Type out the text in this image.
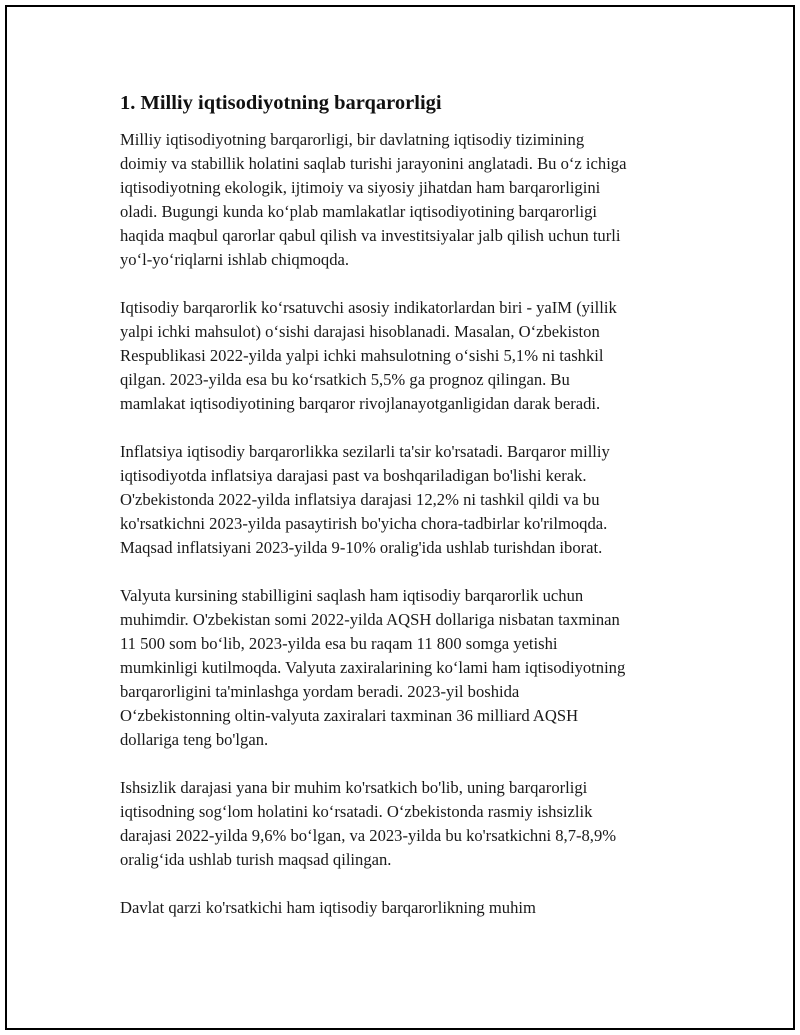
1. Milliy iqtisodiyotning barqarorligi

Milliy iqtisodiyotning barqarorligi, bir davlatning iqtisodiy tizimining
doimiy va stabillik holatini saqlab turishi jarayonini anglatadi. Bu o‘z ichiga
iqtisodiyotning ekologik, ijtimoiy va siyosiy jihatdan ham barqarorligini
oladi. Bugungi kunda ko‘plab mamlakatlar iqtisodiyotining barqarorligi
haqida maqbul qarorlar qabul qilish va investitsiyalar jalb qilish uchun turli
yo‘l-yo‘riqlarni ishlab chiqmoqda.

Iqtisodiy barqarorlik ko‘rsatuvchi asosiy indikatorlardan biri - yaIM (yillik
yalpi ichki mahsulot) o‘sishi darajasi hisoblanadi. Masalan, O‘zbekiston
Respublikasi 2022-yilda yalpi ichki mahsulotning o‘sishi 5,1% ni tashkil
qilgan. 2023-yilda esa bu ko‘rsatkich 5,5% ga prognoz qilingan. Bu
mamlakat iqtisodiyotining barqaror rivojlanayotganligidan darak beradi.

Inflatsiya iqtisodiy barqarorlikka sezilarli ta'sir ko'rsatadi. Barqaror milliy
iqtisodiyotda inflatsiya darajasi past va boshqariladigan bo'lishi kerak.
O'zbekistonda 2022-yilda inflatsiya darajasi 12,2% ni tashkil qildi va bu
ko'rsatkichni 2023-yilda pasaytirish bo'yicha chora-tadbirlar ko'rilmoqda.
Maqsad inflatsiyani 2023-yilda 9-10% oralig'ida ushlab turishdan iborat.

Valyuta kursining stabilligini saqlash ham iqtisodiy barqarorlik uchun
muhimdir. O'zbekistan somi 2022-yilda AQSH dollariga nisbatan taxminan
11 500 som bo‘lib, 2023-yilda esa bu raqam 11 800 somga yetishi
mumkinligi kutilmoqda. Valyuta zaxiralarining ko‘lami ham iqtisodiyotning
barqarorligini ta'minlashga yordam beradi. 2023-yil boshida
O‘zbekistonning oltin-valyuta zaxiralari taxminan 36 milliard AQSH
dollariga teng bo'lgan.

Ishsizlik darajasi yana bir muhim ko'rsatkich bo'lib, uning barqarorligi
iqtisodning sog‘lom holatini ko‘rsatadi. O‘zbekistonda rasmiy ishsizlik
darajasi 2022-yilda 9,6% bo‘lgan, va 2023-yilda bu ko'rsatkichni 8,7-8,9%
oralig‘ida ushlab turish maqsad qilingan.

Davlat qarzi ko'rsatkichi ham iqtisodiy barqarorlikning muhim
